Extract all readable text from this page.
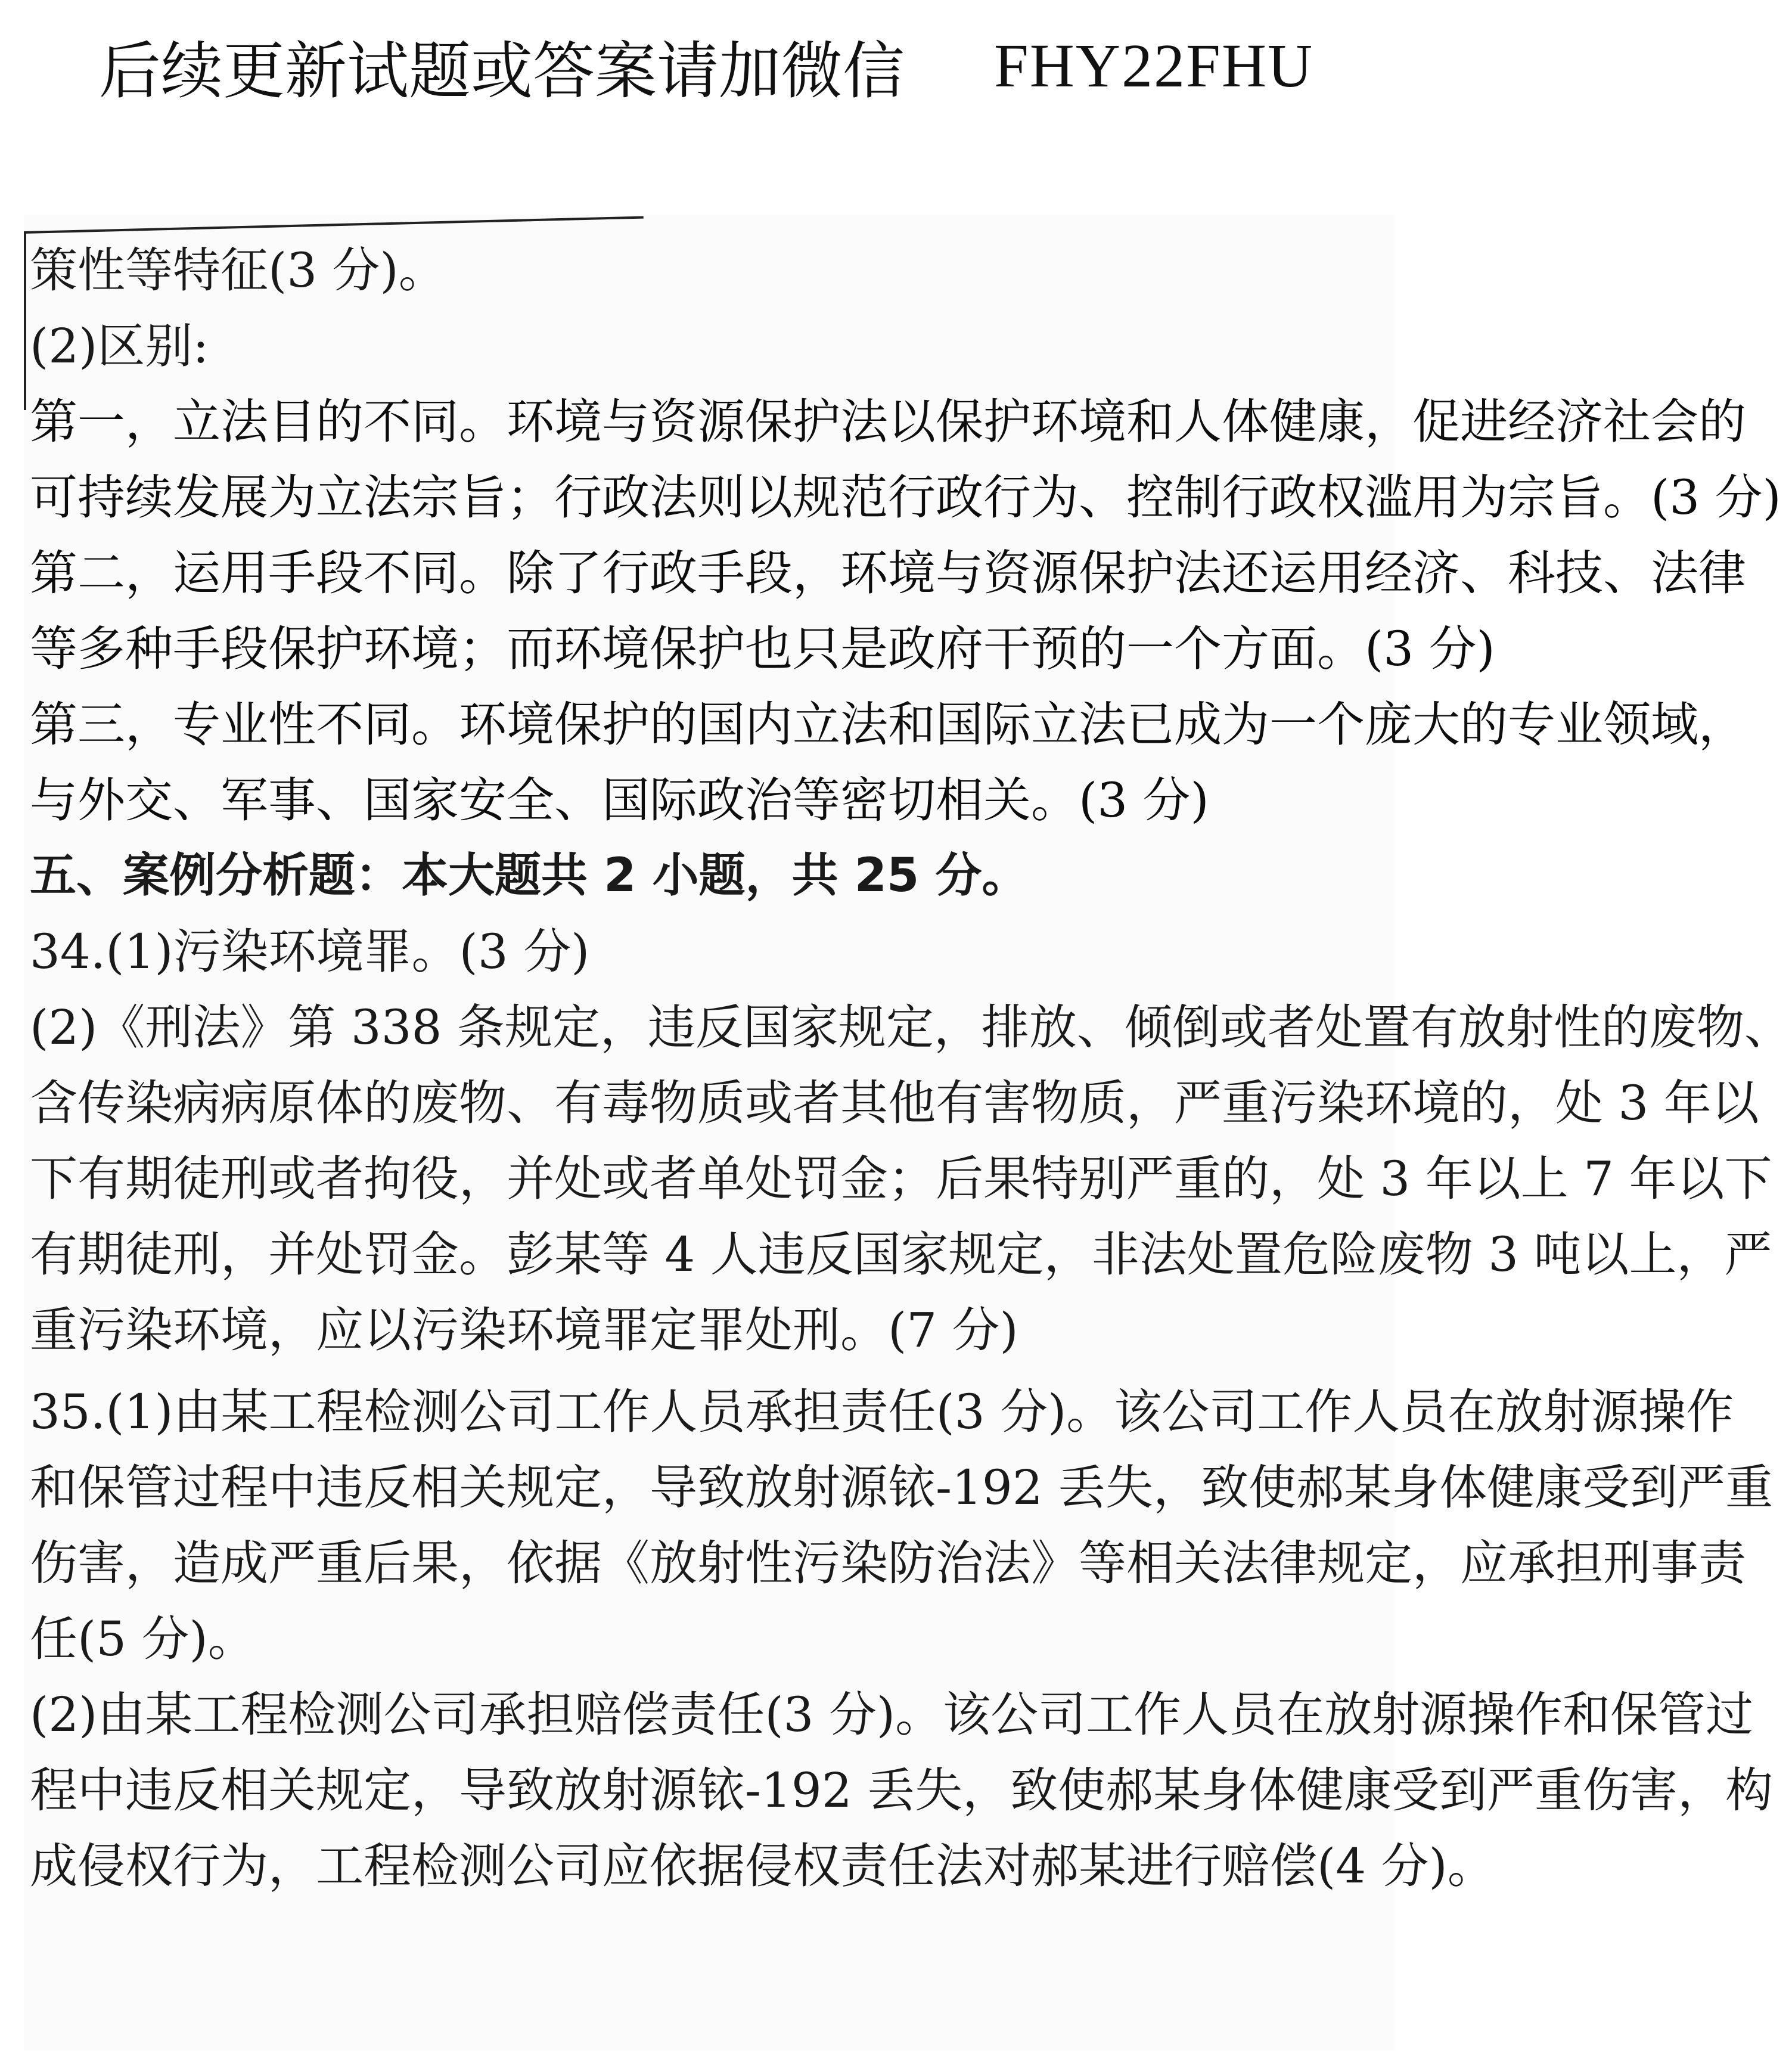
后续更新试题或答案请加微信 FHY22FHU
策性等特征(3 分)。
(2)区别:
第一，立法目的不同。环境与资源保护法以保护环境和人体健康，促进经济社会的
可持续发展为立法宗旨；行政法则以规范行政行为、控制行政权滥用为宗旨。(3 分)
第二，运用手段不同。除了行政手段，环境与资源保护法还运用经济、科技、法律
等多种手段保护环境；而环境保护也只是政府干预的一个方面。(3 分)
第三，专业性不同。环境保护的国内立法和国际立法已成为一个庞大的专业领域，
与外交、军事、国家安全、国际政治等密切相关。(3 分)
五、案例分析题：本大题共 2 小题，共 25 分。
34.(1)污染环境罪。(3 分)
(2)《刑法》第 338 条规定，违反国家规定，排放、倾倒或者处置有放射性的废物、
含传染病病原体的废物、有毒物质或者其他有害物质，严重污染环境的，处 3 年以
下有期徒刑或者拘役，并处或者单处罚金；后果特别严重的，处 3 年以上 7 年以下
有期徒刑，并处罚金。彭某等 4 人违反国家规定，非法处置危险废物 3 吨以上，严
重污染环境，应以污染环境罪定罪处刑。(7 分)
35.(1)由某工程检测公司工作人员承担责任(3 分)。该公司工作人员在放射源操作
和保管过程中违反相关规定，导致放射源铱-192 丢失，致使郝某身体健康受到严重
伤害，造成严重后果，依据《放射性污染防治法》等相关法律规定，应承担刑事责
任(5 分)。
(2)由某工程检测公司承担赔偿责任(3 分)。该公司工作人员在放射源操作和保管过
程中违反相关规定，导致放射源铱-192 丢失，致使郝某身体健康受到严重伤害，构
成侵权行为，工程检测公司应依据侵权责任法对郝某进行赔偿(4 分)。
